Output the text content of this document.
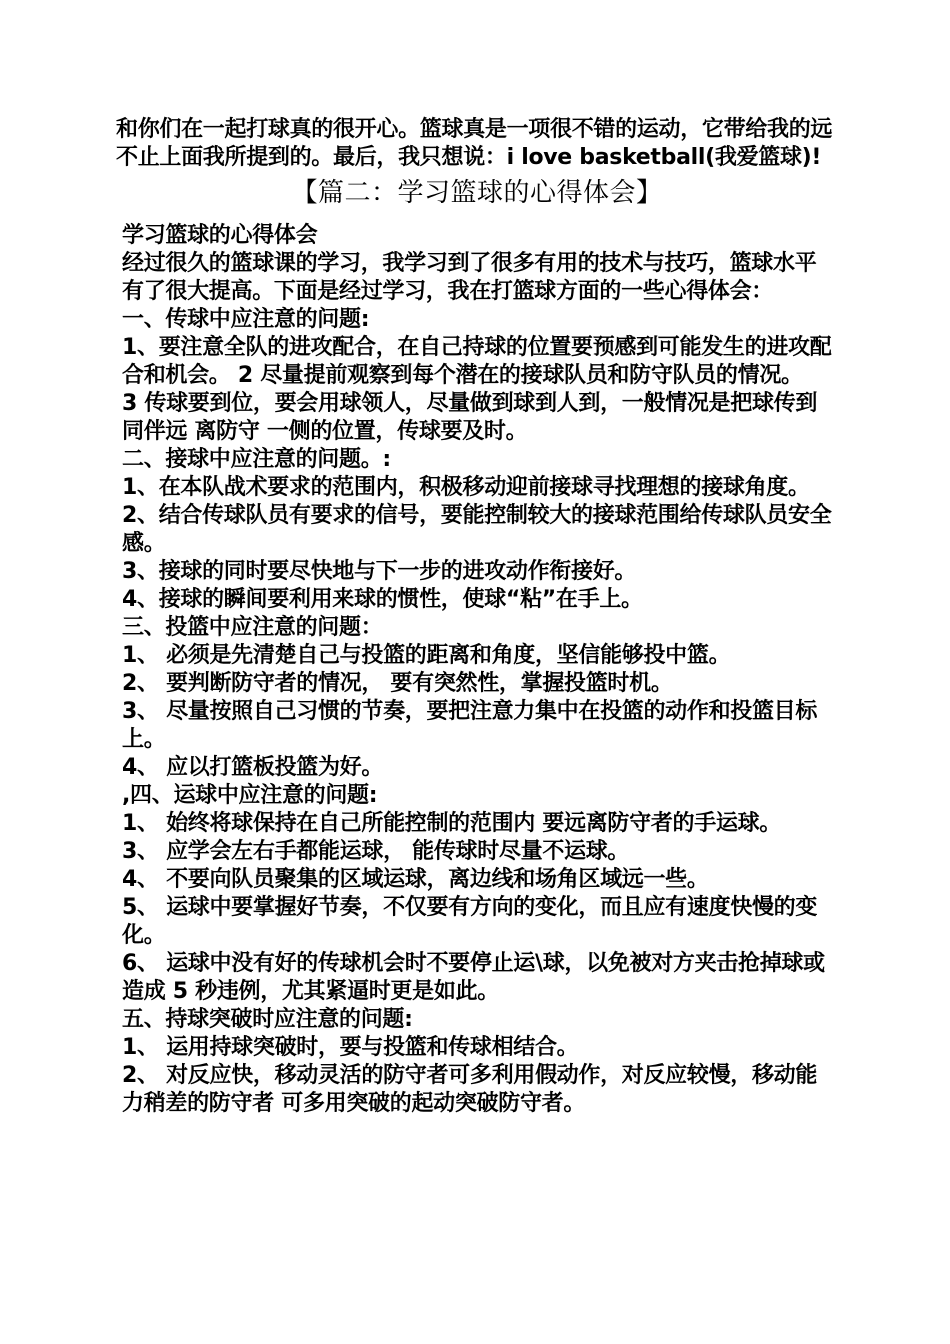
和你们在一起打球真的很开心。篮球真是一项很不错的运动，它带给我的远不止上面我所提到的。最后，我只想说：i love basketball(我爱篮球)!

【篇二：学习篮球的心得体会】

学习篮球的心得体会

经过很久的篮球课的学习，我学习到了很多有用的技术与技巧，篮球水平有了很大提高。下面是经过学习，我在打篮球方面的一些心得体会：

一、传球中应注意的问题:

1、要注意全队的进攻配合，在自己持球的位置要预感到可能发生的进攻配合和机会。 2 尽量提前观察到每个潜在的接球队员和防守队员的情况。

3 传球要到位，要会用球领人，尽量做到球到人到，一般情况是把球传到同伴远 离防守 一侧的位置，传球要及时。

二、接球中应注意的问题。:

1、在本队战术要求的范围内，积极移动迎前接球寻找理想的接球角度。

2、结合传球队员有要求的信号，要能控制较大的接球范围给传球队员安全感。

3、接球的同时要尽快地与下一步的进攻动作衔接好。

4、接球的瞬间要利用来球的惯性，使球“粘”在手上。

三、投篮中应注意的问题：

1、 必须是先清楚自己与投篮的距离和角度，坚信能够投中篮。

2、 要判断防守者的情况， 要有突然性，掌握投篮时机。

3、 尽量按照自己习惯的节奏，要把注意力集中在投篮的动作和投篮目标上。

4、 应以打篮板投篮为好。

,四、运球中应注意的问题:

1、 始终将球保持在自己所能控制的范围内 要远离防守者的手运球。

3、 应学会左右手都能运球， 能传球时尽量不运球。

4、 不要向队员聚集的区域运球，离边线和场角区域远一些。

5、 运球中要掌握好节奏，不仅要有方向的变化，而且应有速度快慢的变化。

6、 运球中没有好的传球机会时不要停止运\球，以免被对方夹击抢掉球或造成 5 秒违例，尤其紧逼时更是如此。

五、持球突破时应注意的问题:

1、 运用持球突破时，要与投篮和传球相结合。

2、 对反应快，移动灵活的防守者可多利用假动作，对反应较慢，移动能力稍差的防守者 可多用突破的起动突破防守者。
